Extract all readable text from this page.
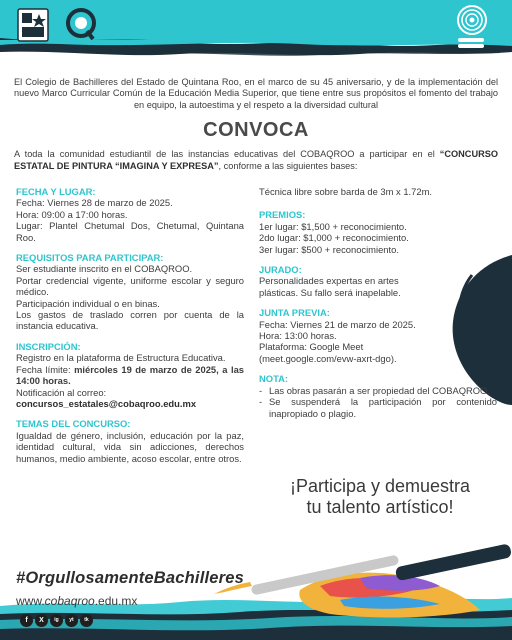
El Colegio de Bachilleres del Estado de Quintana Roo, en el marco de su 45 aniversario, y de la implementación del nuevo Marco Curricular Común de la Educación Media Superior, que tiene entre sus propósitos el fomento del trabajo en equipo, la autoestima y el respeto a la diversidad cultural
CONVOCA
A toda la comunidad estudiantil de las instancias educativas del COBAQROO a participar en el “CONCURSO ESTATAL DE PINTURA “IMAGINA Y EXPRESA”, conforme a las siguientes bases:
FECHA Y LUGAR:
Fecha: Viernes 28 de marzo de 2025.
Hora: 09:00 a 17:00 horas.
Lugar: Plantel Chetumal Dos, Chetumal, Quintana Roo.
REQUISITOS PARA PARTICIPAR:
Ser estudiante inscrito en el COBAQROO.
Portar credencial vigente, uniforme escolar y seguro médico.
Participación individual o en binas.
Los gastos de traslado corren por cuenta de la instancia educativa.
INSCRIPCIÓN:
Registro en la plataforma de Estructura Educativa.
Fecha límite: miércoles 19 de marzo de 2025, a las 14:00 horas.
Notificación al correo:
concursos_estatales@cobaqroo.edu.mx
TEMAS DEL CONCURSO:
Igualdad de género, inclusión, educación por la paz, identidad cultural, vida sin adicciones, derechos humanos, medio ambiente, acoso escolar, entre otros.
Técnica libre sobre barda de 3m x 1.72m.
PREMIOS:
1er lugar: $1,500 + reconocimiento.
2do lugar: $1,000 + reconocimiento.
3er lugar: $500 + reconocimiento.
JURADO:
Personalidades expertas en artes plásticas. Su fallo será inapelable.
JUNTA PREVIA:
Fecha: Viernes 21 de marzo de 2025.
Hora: 13:00 horas.
Plataforma: Google Meet
(meet.google.com/evw-axrt-dgo).
NOTA:
- Las obras pasarán a ser propiedad del COBAQROO.
- Se suspenderá la participación por contenido inapropiado o plagio.
¡Participa y demuestra
tu talento artístico!
#OrgullosamenteBachilleres
www.cobaqroo.edu.mx
f	X	ig	yt	tk
